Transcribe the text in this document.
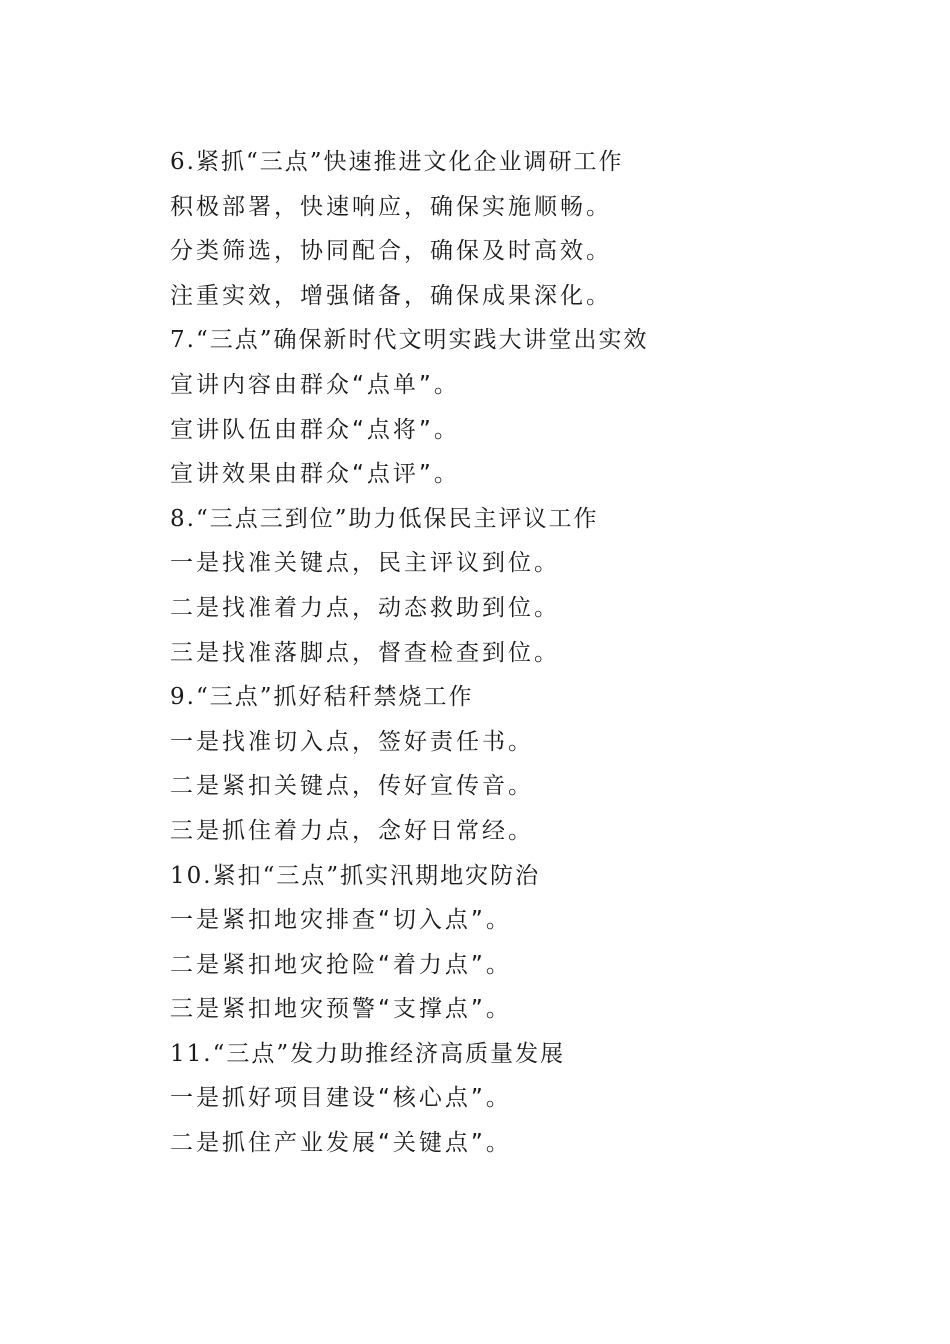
6.紧抓“三点”快速推进文化企业调研工作
积极部署，快速响应，确保实施顺畅。
分类筛选，协同配合，确保及时高效。
注重实效，增强储备，确保成果深化。
7.“三点”确保新时代文明实践大讲堂出实效
宣讲内容由群众“点单”。
宣讲队伍由群众“点将”。
宣讲效果由群众“点评”。
8.“三点三到位”助力低保民主评议工作
一是找准关键点，民主评议到位。
二是找准着力点，动态救助到位。
三是找准落脚点，督查检查到位。
9.“三点”抓好秸秆禁烧工作
一是找准切入点，签好责任书。
二是紧扣关键点，传好宣传音。
三是抓住着力点，念好日常经。
10.紧扣“三点”抓实汛期地灾防治
一是紧扣地灾排查“切入点”。
二是紧扣地灾抢险“着力点”。
三是紧扣地灾预警“支撑点”。
11.“三点”发力助推经济高质量发展
一是抓好项目建设“核心点”。
二是抓住产业发展“关键点”。
